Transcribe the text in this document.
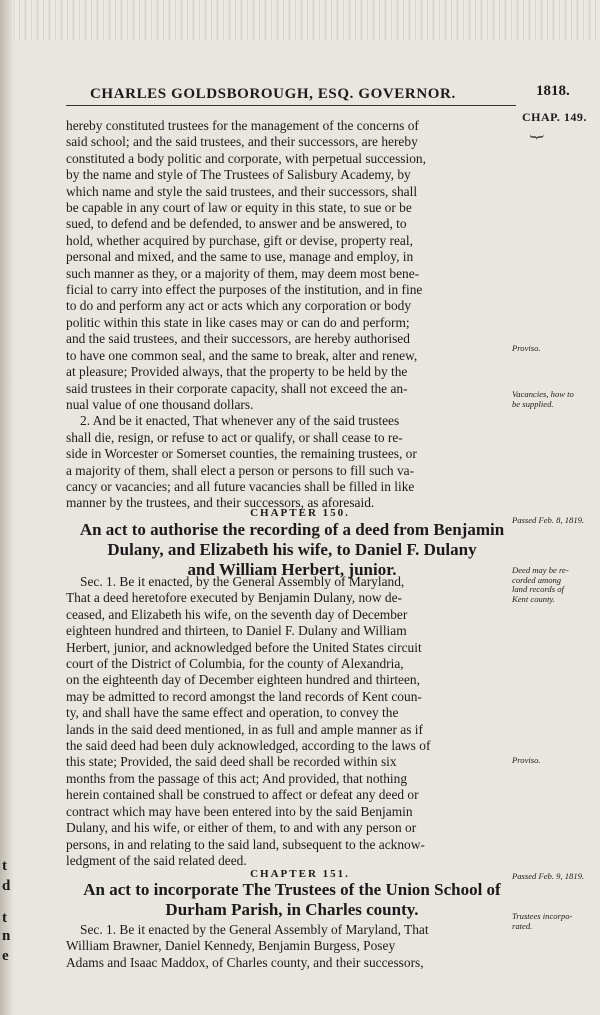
t
d
t
n
e
CHARLES GOLDSBOROUGH, ESQ. GOVERNOR.	1818.
CHAP. 149.
}
hereby constituted trustees for the management of the concerns of
said school; and the said trustees, and their successors, are hereby
constituted a body politic and corporate, with perpetual succession,
by the name and style of The Trustees of Salisbury Academy, by
which name and style the said trustees, and their successors, shall
be capable in any court of law or equity in this state, to sue or be
sued, to defend and be defended, to answer and be answered, to
hold, whether acquired by purchase, gift or devise, property real,
personal and mixed, and the same to use, manage and employ, in
such manner as they, or a majority of them, may deem most bene-
ficial to carry into effect the purposes of the institution, and in fine
to do and perform any act or acts which any corporation or body
politic within this state in like cases may or can do and perform;
and the said trustees, and their successors, are hereby authorised
to have one common seal, and the same to break, alter and renew,
at pleasure; Provided always, that the property to be held by the
said trustees in their corporate capacity, shall not exceed the an-
nual value of one thousand dollars.
2. And be it enacted, That whenever any of the said trustees
shall die, resign, or refuse to act or qualify, or shall cease to re-
side in Worcester or Somerset counties, the remaining trustees, or
a majority of them, shall elect a person or persons to fill such va-
cancy or vacancies; and all future vacancies shall be filled in like
manner by the trustees, and their successors, as aforesaid.
Proviso.
Vacancies, how to
be supplied.
CHAPTER 150.
An act to authorise the recording of a deed from Benjamin
Dulany, and Elizabeth his wife, to Daniel F. Dulany
and William Herbert, junior.
Passed Feb. 8, 1819.
Sec. 1. Be it enacted, by the General Assembly of Maryland,
That a deed heretofore executed by Benjamin Dulany, now de-
ceased, and Elizabeth his wife, on the seventh day of December
eighteen hundred and thirteen, to Daniel F. Dulany and William
Herbert, junior, and acknowledged before the United States circuit
court of the District of Columbia, for the county of Alexandria,
on the eighteenth day of December eighteen hundred and thirteen,
may be admitted to record amongst the land records of Kent coun-
ty, and shall have the same effect and operation, to convey the
lands in the said deed mentioned, in as full and ample manner as if
the said deed had been duly acknowledged, according to the laws of
this state; Provided, the said deed shall be recorded within six
months from the passage of this act; And provided, that nothing
herein contained shall be construed to affect or defeat any deed or
contract which may have been entered into by the said Benjamin
Dulany, and his wife, or either of them, to and with any person or
persons, in and relating to the said land, subsequent to the acknow-
ledgment of the said related deed.
Deed may be re-
corded among
land records of
Kent county.
Proviso.
CHAPTER 151.
An act to incorporate The Trustees of the Union School of
Durham Parish, in Charles county.
Passed Feb. 9, 1819.
Sec. 1. Be it enacted by the General Assembly of Maryland, That
William Brawner, Daniel Kennedy, Benjamin Burgess, Posey
Adams and Isaac Maddox, of Charles county, and their successors,
Trustees incorpo-
rated.
